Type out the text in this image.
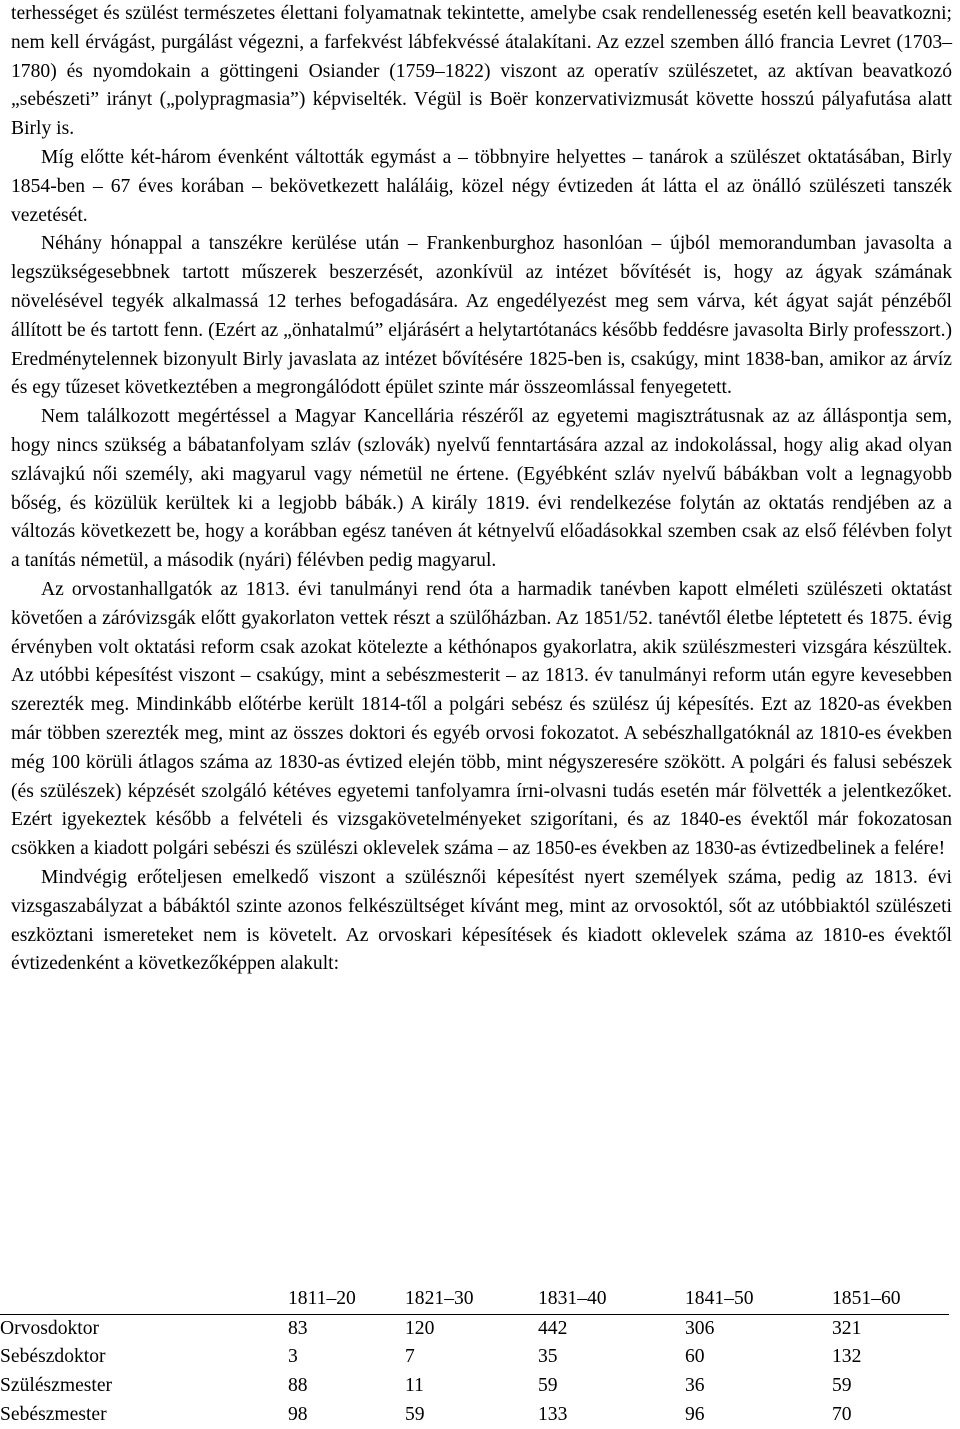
terhességet és szülést természetes élettani folyamatnak tekintette, amelybe csak rendellenesség esetén kell beavatkozni; nem kell érvágást, purgálást végezni, a farfekvést lábfekvéssé átalakítani. Az ezzel szemben álló francia Levret (1703–1780) és nyomdokain a göttingeni Osiander (1759–1822) viszont az operatív szülészetet, az aktívan beavatkozó „sebészeti” irányt („polypragmasia”) képviselték. Végül is Boër konzervativizmusát követte hosszú pályafutása alatt Birly is.

Míg előtte két-három évenként váltották egymást a – többnyire helyettes – tanárok a szülészet oktatásában, Birly 1854-ben – 67 éves korában – bekövetkezett haláláig, közel négy évtizeden át látta el az önálló szülészeti tanszék vezetését.

Néhány hónappal a tanszékre kerülése után – Frankenburghoz hasonlóan – újból memorandumban javasolta a legszükségesebbnek tartott műszerek beszerzését, azonkívül az intézet bővítését is, hogy az ágyak számának növelésével tegyék alkalmassá 12 terhes befogadására. Az engedélyezést meg sem várva, két ágyat saját pénzéből állított be és tartott fenn. (Ezért az „önhatalmú” eljárásért a helytartótanács később feddésre javasolta Birly professzort.) Eredménytelennek bizonyult Birly javaslata az intézet bővítésére 1825-ben is, csakúgy, mint 1838-ban, amikor az árvíz és egy tűzeset következtében a megrongálódott épület szinte már összeomlással fenyegetett.

Nem találkozott megértéssel a Magyar Kancellária részéről az egyetemi magisztrátusnak az az álláspontja sem, hogy nincs szükség a bábatanfolyam szláv (szlovák) nyelvű fenntartására azzal az indokolással, hogy alig akad olyan szlávajkú női személy, aki magyarul vagy németül ne értene. (Egyébként szláv nyelvű bábákban volt a legnagyobb bőség, és közülük kerültek ki a legjobb bábák.) A király 1819. évi rendelkezése folytán az oktatás rendjében az a változás következett be, hogy a korábban egész tanéven át kétnyelvű előadásokkal szemben csak az első félévben folyt a tanítás németül, a második (nyári) félévben pedig magyarul.

Az orvostanhallgatók az 1813. évi tanulmányi rend óta a harmadik tanévben kapott elméleti szülészeti oktatást követően a záróvizsgák előtt gyakorlaton vettek részt a szülőházban. Az 1851/52. tanévtől életbe léptetett és 1875. évig érvényben volt oktatási reform csak azokat kötelezte a kéthónapos gyakorlatra, akik szülészmesteri vizsgára készültek. Az utóbbi képesítést viszont – csakúgy, mint a sebészmesterit – az 1813. év tanulmányi reform után egyre kevesebben szerezték meg. Mindinkább előtérbe került 1814-től a polgári sebész és szülész új képesítés. Ezt az 1820-as években már többen szerezték meg, mint az összes doktori és egyéb orvosi fokozatot. A sebészhallgatóknál az 1810-es években még 100 körüli átlagos száma az 1830-as évtized elején több, mint négyszeresére szökött. A polgári és falusi sebészek (és szülészek) képzését szolgáló kétéves egyetemi tanfolyamra írni-olvasni tudás esetén már fölvették a jelentkezőket. Ezért igyekeztek később a felvételi és vizsgakövetelményeket szigorítani, és az 1840-es évektől már fokozatosan csökken a kiadott polgári sebészi és szülészi oklevelek száma – az 1850-es években az 1830-as évtizedbelinek a felére!

Mindvégig erőteljesen emelkedő viszont a szülésznői képesítést nyert személyek száma, pedig az 1813. évi vizsgaszabályzat a bábáktól szinte azonos felkészültséget kívánt meg, mint az orvosoktól, sőt az utóbbiaktól szülészeti eszköztani ismereteket nem is követelt. Az orvoskari képesítések és kiadott oklevelek száma az 1810-es évektől évtizedenként a következőképpen alakult:

	1811–20	1821–30	1831–40	1841–50	1851–60
Orvosdoktor	83	120	442	306	321
Sebészdoktor	3	7	35	60	132
Szülészmester	88	11	59	36	59
Sebészmester	98	59	133	96	70
